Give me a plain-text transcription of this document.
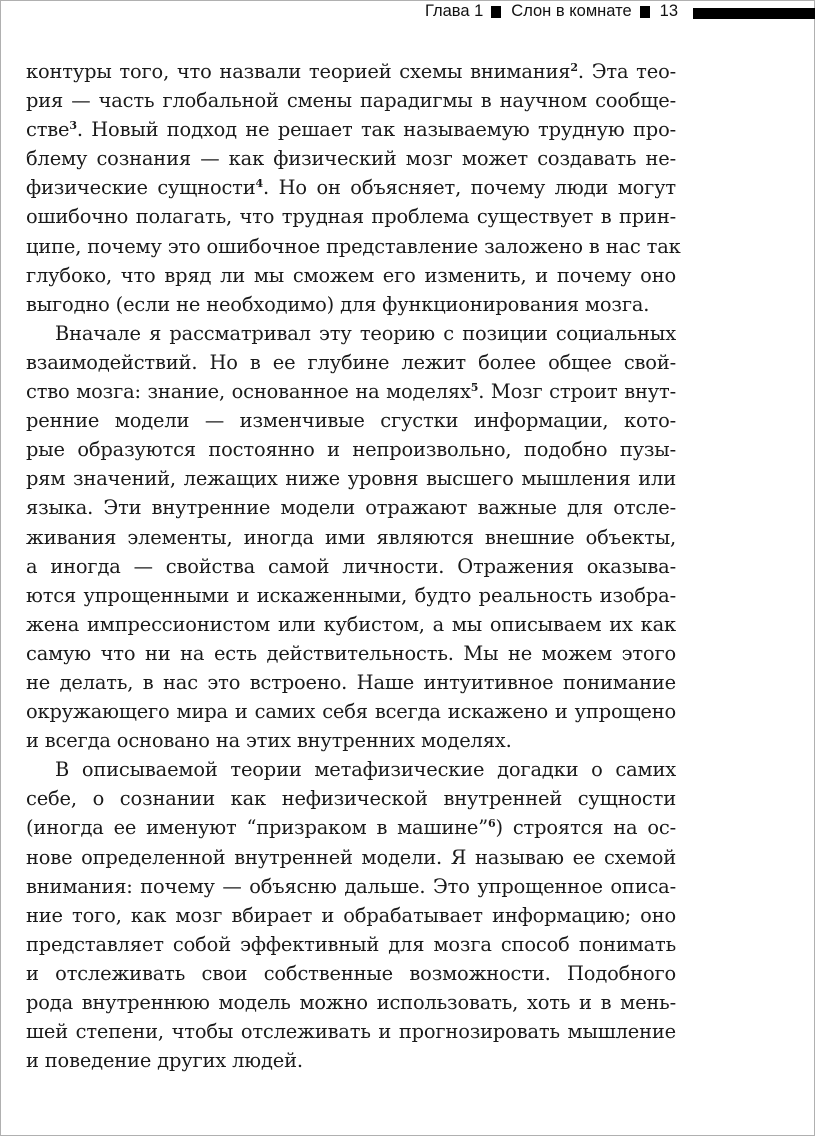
Глава 1 Слон в комнате 13
контуры того, что назвали теорией схемы внимания$^2$. Эта тео-
рия — часть глобальной смены парадигмы в научном сообще-
стве$^3$. Новый подход не решает так называемую трудную про-
блему сознания — как физический мозг может создавать не-
физические сущности$^4$. Но он объясняет, почему люди могут
ошибочно полагать, что трудная проблема существует в прин-
ципе, почему это ошибочное представление заложено в нас так
глубоко, что вряд ли мы сможем его изменить, и почему оно
выгодно (если не необходимо) для функционирования мозга.
Вначале я рассматривал эту теорию с позиции социальных
взаимодействий. Но в ее глубине лежит более общее свой-
ство мозга: знание, основанное на моделях$^5$. Мозг строит внут-
ренние модели — изменчивые сгустки информации, кото-
рые образуются постоянно и непроизвольно, подобно пузы-
рям значений, лежащих ниже уровня высшего мышления или
языка. Эти внутренние модели отражают важные для отсле-
живания элементы, иногда ими являются внешние объекты,
а иногда — свойства самой личности. Отражения оказыва-
ются упрощенными и искаженными, будто реальность изобра-
жена импрессионистом или кубистом, а мы описываем их как
самую что ни на есть действительность. Мы не можем этого
не делать, в нас это встроено. Наше интуитивное понимание
окружающего мира и самих себя всегда искажено и упрощено
и всегда основано на этих внутренних моделях.
В описываемой теории метафизические догадки о самих
себе, о сознании как нефизической внутренней сущности
(иногда ее именуют “призраком в машине”$^6$) строятся на ос-
нове определенной внутренней модели. Я называю ее схемой
внимания: почему — объясню дальше. Это упрощенное описа-
ние того, как мозг вбирает и обрабатывает информацию; оно
представляет собой эффективный для мозга способ понимать
и отслеживать свои собственные возможности. Подобного
рода внутреннюю модель можно использовать, хоть и в мень-
шей степени, чтобы отслеживать и прогнозировать мышление
и поведение других людей.
